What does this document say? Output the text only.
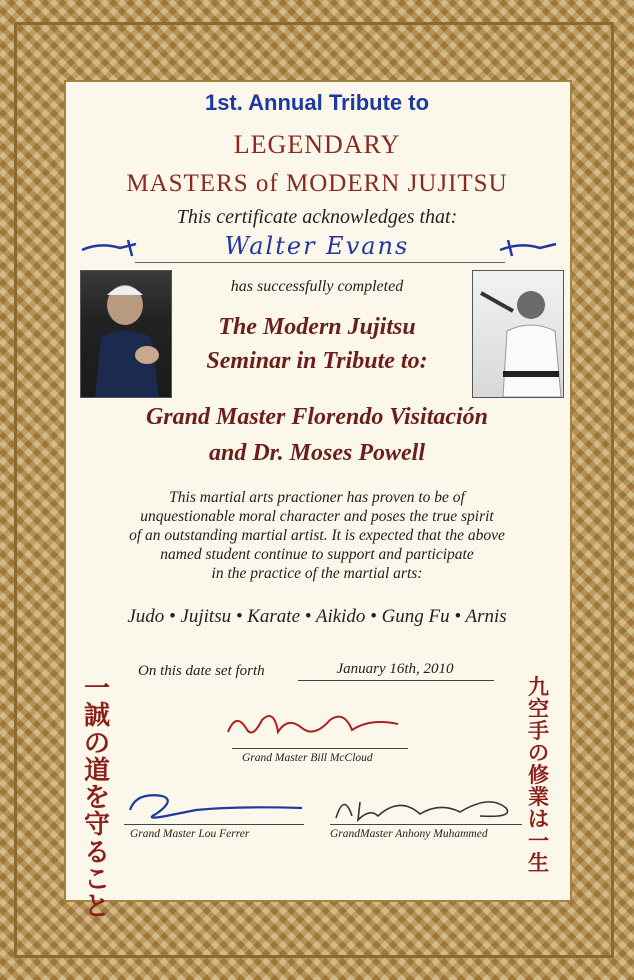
1st. Annual Tribute to
LEGENDARY
MASTERS of MODERN JUJITSU
This certificate acknowledges that:
Walter Evans
has successfully completed
The Modern Jujitsu
Seminar in Tribute to:
Grand Master Florendo Visitación
and Dr. Moses Powell
This martial arts practioner has proven to be of
unquestionable moral character and poses the true spirit
of an outstanding martial artist. It is expected that the above
named student continue to support and participate
in the practice of the martial arts:
Judo • Jujitsu • Karate • Aikido • Gung Fu • Arnis
On this date set forth	January 16th, 2010
Grand Master Bill McCloud
Grand Master Lou Ferrer	GrandMaster Anhony Muhammed
一誠の道を守ること
九空手の修業は一生
